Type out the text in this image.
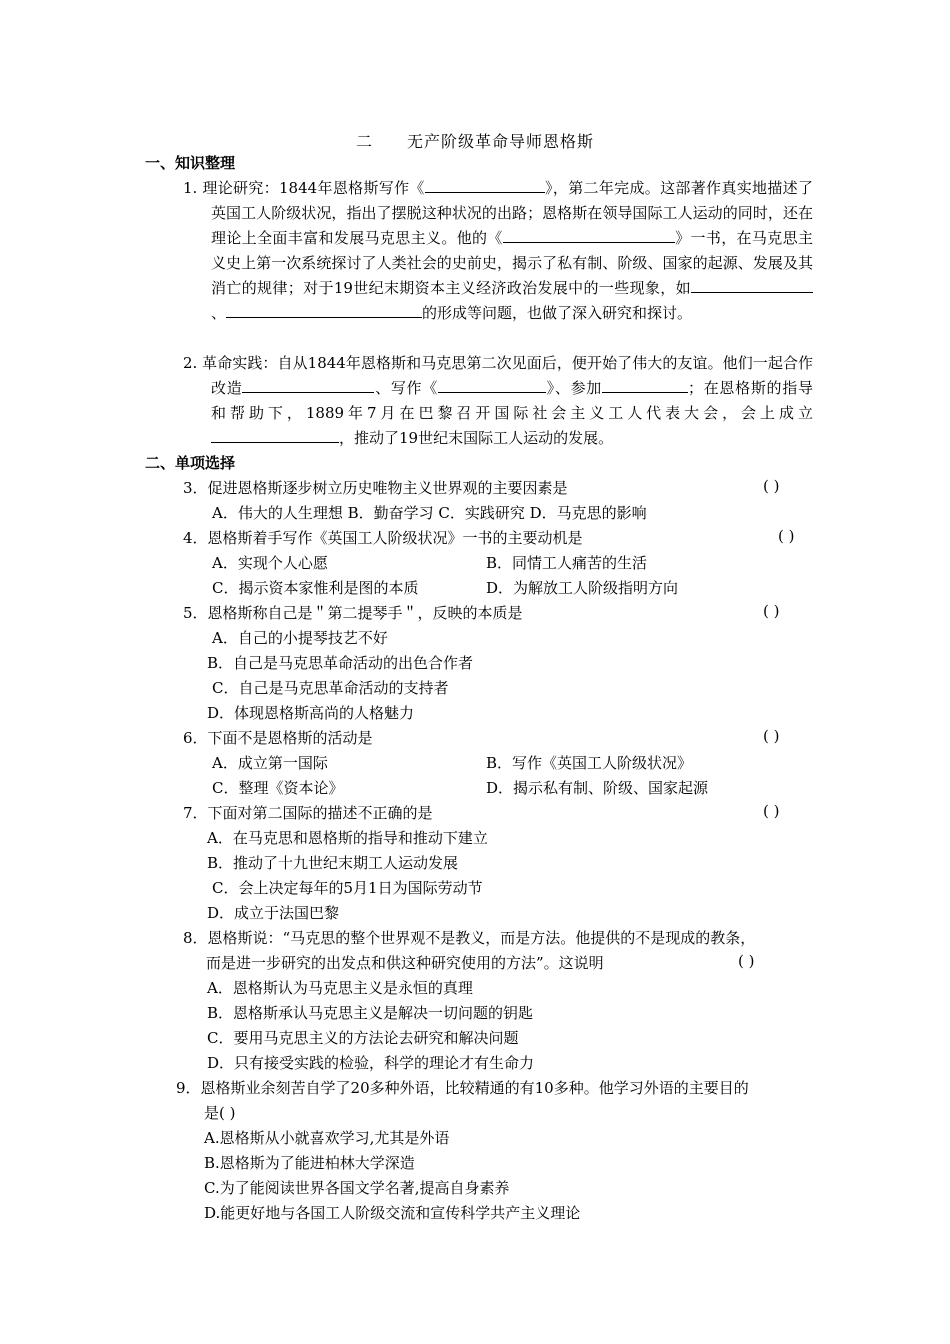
二 无产阶级革命导师恩格斯
一、知识整理
1. 理论研究：1844年恩格斯写作《	》，第二年完成。这部著作真实地描述了英国工人阶级状况，指出了摆脱这种状况的出路；恩格斯在领导国际工人运动的同时，还在理论上全面丰富和发展马克思主义。他的《	》一书，在马克思主义史上第一次系统探讨了人类社会的史前史，揭示了私有制、阶级、国家的起源、发展及其消亡的规律；对于19世纪末期资本主义经济政治发展中的一些现象，如、	的形成等问题，也做了深入研究和探讨。
2. 革命实践：自从1844年恩格斯和马克思第二次见面后，便开始了伟大的友谊。他们一起合作改造	、写作《	》、参加	；在恩格斯的指导和帮助下，1889年7月在巴黎召开国际社会主义工人代表大会，会上成立，推动了19世纪末国际工人运动的发展。
二、单项选择
3．促进恩格斯逐步树立历史唯物主义世界观的主要因素是	( )
A．伟大的人生理想 B．勤奋学习 C．实践研究 D．马克思的影响
4．恩格斯着手写作《英国工人阶级状况》一书的主要动机是	( )
A．实现个人心愿	B．同情工人痛苦的生活
C．揭示资本家惟利是图的本质	D．为解放工人阶级指明方向
5．恩格斯称自己是＂第二提琴手＂，反映的本质是	( )
A．自己的小提琴技艺不好
B．自己是马克思革命活动的出色合作者
C．自己是马克思革命活动的支持者
D．体现恩格斯高尚的人格魅力
6．下面不是恩格斯的活动是	( )
A．成立第一国际	B．写作《英国工人阶级状况》
C．整理《资本论》	D．揭示私有制、阶级、国家起源
7．下面对第二国际的描述不正确的是	( )
A．在马克思和恩格斯的指导和推动下建立
B．推动了十九世纪末期工人运动发展
C．会上决定每年的5月1日为国际劳动节
D．成立于法国巴黎
8．恩格斯说：“马克思的整个世界观不是教义，而是方法。他提供的不是现成的教条，
而是进一步研究的出发点和供这种研究使用的方法”。这说明	( )
A．恩格斯认为马克思主义是永恒的真理
B．恩格斯承认马克思主义是解决一切问题的钥匙
C．要用马克思主义的方法论去研究和解决问题
D．只有接受实践的检验，科学的理论才有生命力
9．恩格斯业余刻苦自学了20多种外语，比较精通的有10多种。他学习外语的主要目的
是( )
A.恩格斯从小就喜欢学习,尤其是外语
B.恩格斯为了能进柏林大学深造
C.为了能阅读世界各国文学名著,提高自身素养
D.能更好地与各国工人阶级交流和宣传科学共产主义理论
